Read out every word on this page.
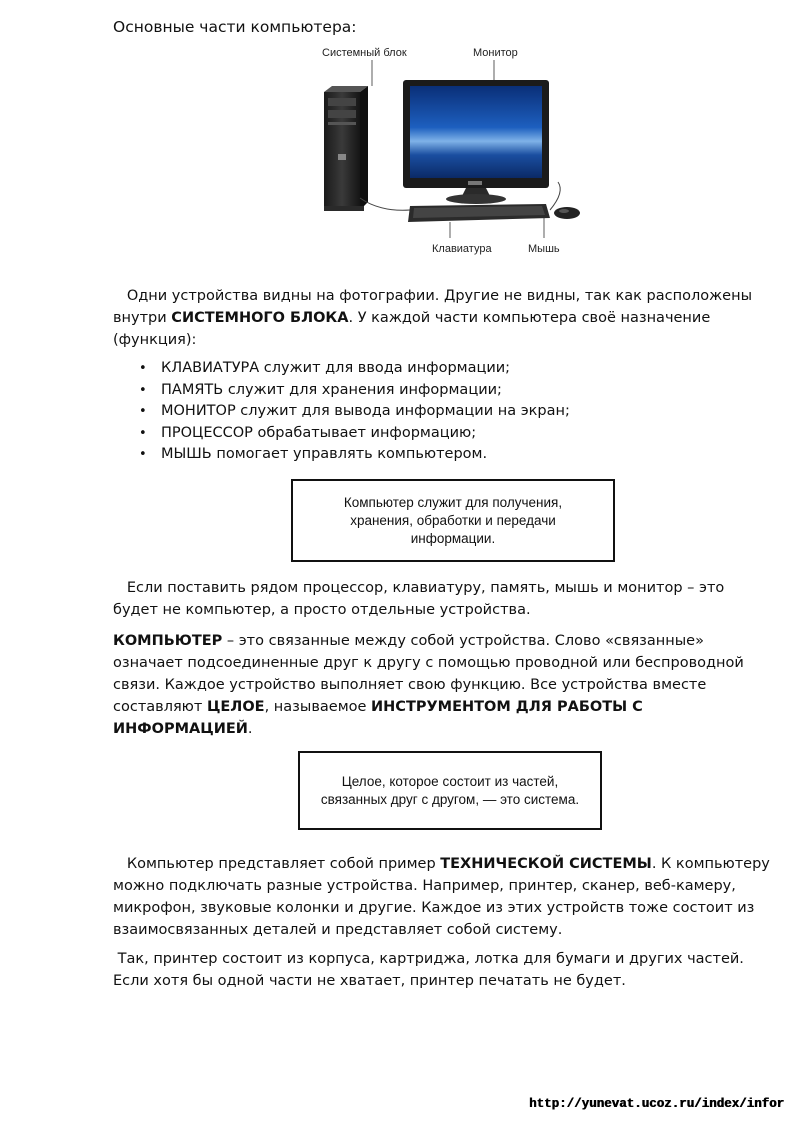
Основные части компьютера:
Системный блок	Монитор
Клавиатура	Мышь
Одни устройства видны на фотографии. Другие не видны, так как расположены внутри СИСТЕМНОГО БЛОКА. У каждой части компьютера своё назначение (функция):
• КЛАВИАТУРА служит для ввода информации;
• ПАМЯТЬ служит для хранения информации;
• МОНИТОР служит для вывода информации на экран;
• ПРОЦЕССОР обрабатывает информацию;
• МЫШЬ помогает управлять компьютером.
Компьютер служит для получения, хранения, обработки и передачи информации.
Если поставить рядом процессор, клавиатуру, память, мышь и монитор – это будет не компьютер, а просто отдельные устройства.
КОМПЬЮТЕР – это связанные между собой устройства. Слово «связанные» означает подсоединенные друг к другу с помощью проводной или беспроводной связи. Каждое устройство выполняет свою функцию. Все устройства вместе составляют ЦЕЛОЕ, называемое ИНСТРУМЕНТОМ ДЛЯ РАБОТЫ С ИНФОРМАЦИЕЙ.
Целое, которое состоит из частей, связанных друг с другом, — это система.
Компьютер представляет собой пример ТЕХНИЧЕСКОЙ СИСТЕМЫ. К компьютеру можно подключать разные устройства. Например, принтер, сканер, веб-камеру, микрофон, звуковые колонки и другие. Каждое из этих устройств тоже состоит из взаимосвязанных деталей и представляет собой систему.
Так, принтер состоит из корпуса, картриджа, лотка для бумаги и других частей. Если хотя бы одной части не хватает, принтер печатать не будет.
http://yunevat.ucoz.ru/index/infor
